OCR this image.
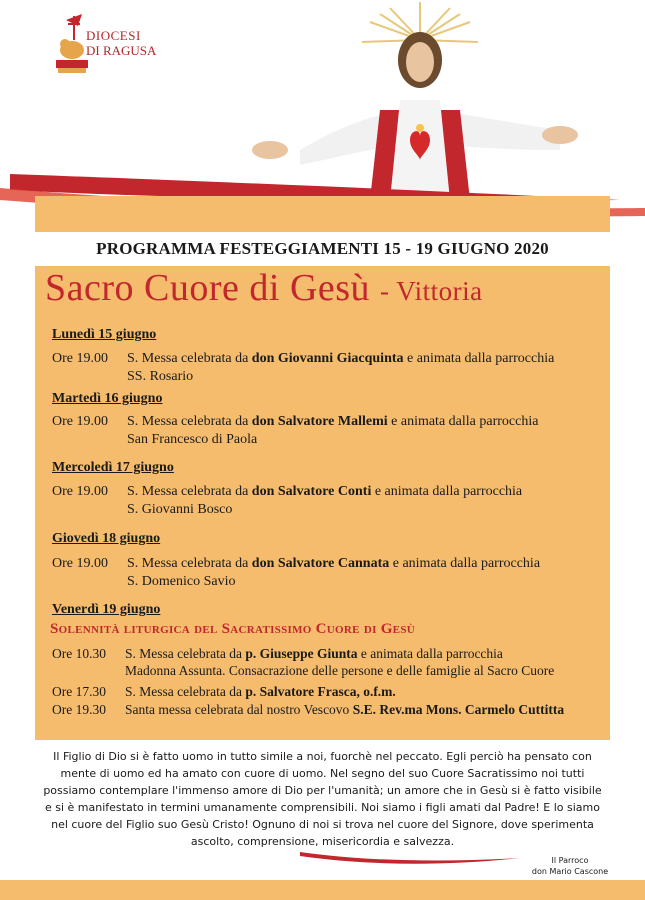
DIOCESI
DI RAGUSA
PROGRAMMA FESTEGGIAMENTI 15 - 19 GIUGNO 2020
Sacro Cuore di Gesù - Vittoria
Lunedì 15 giugno
Ore 19.00	S. Messa celebrata da don Giovanni Giacquinta e animata dalla parrocchia
SS. Rosario
Martedì 16 giugno
Ore 19.00	S. Messa celebrata da don Salvatore Mallemi e animata dalla parrocchia
San Francesco di Paola
Mercoledì 17 giugno
Ore 19.00	S. Messa celebrata da don Salvatore Conti e animata dalla parrocchia
S. Giovanni Bosco
Giovedì 18 giugno
Ore 19.00	S. Messa celebrata da don Salvatore Cannata e animata dalla parrocchia
S. Domenico Savio
Venerdì 19 giugno
Solennità liturgica del Sacratissimo Cuore di Gesù
Ore 10.30	S. Messa celebrata da p. Giuseppe Giunta e animata dalla parrocchia
Madonna Assunta. Consacrazione delle persone e delle famiglie al Sacro Cuore
Ore 17.30	S. Messa celebrata da p. Salvatore Frasca, o.f.m.
Ore 19.30	Santa messa celebrata dal nostro Vescovo S.E. Rev.ma Mons. Carmelo Cuttitta
Il Figlio di Dio si è fatto uomo in tutto simile a noi, fuorchè nel peccato. Egli perciò ha pensato con mente di uomo ed ha amato con cuore di uomo. Nel segno del suo Cuore Sacratissimo noi tutti possiamo contemplare l'immenso amore di Dio per l'umanità; un amore che in Gesù si è fatto visibile e si è manifestato in termini umanamente comprensibili. Noi siamo i figli amati dal Padre! E lo siamo nel cuore del Figlio suo Gesù Cristo! Ognuno di noi si trova nel cuore del Signore, dove sperimenta ascolto, comprensione, misericordia e salvezza.
Il Parroco
don Mario Cascone
